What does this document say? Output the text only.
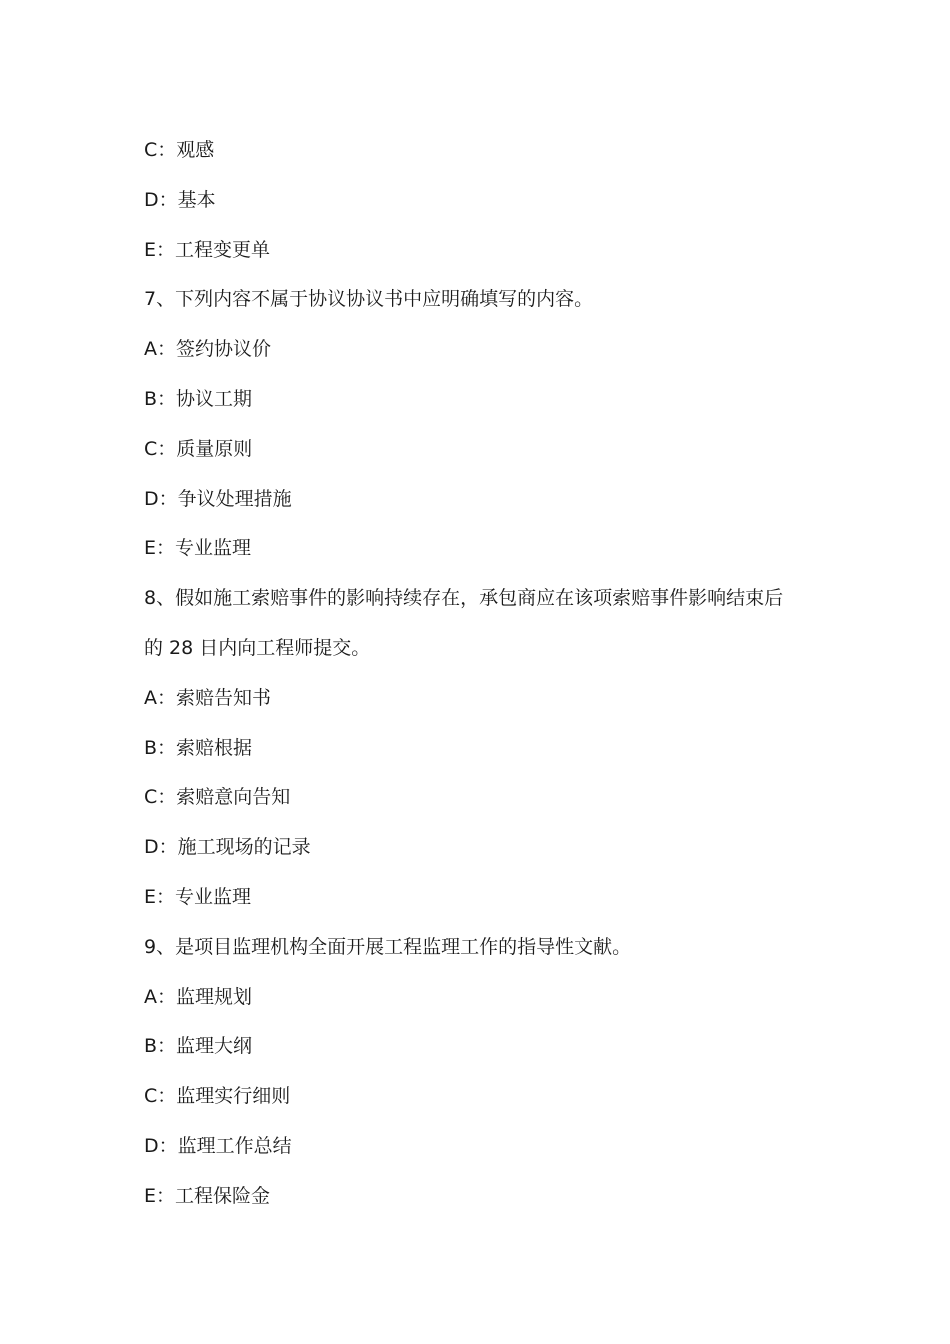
C：观感
D：基本
E：工程变更单
7、下列内容不属于协议协议书中应明确填写的内容。
A：签约协议价
B：协议工期
C：质量原则
D：争议处理措施
E：专业监理
8、假如施工索赔事件的影响持续存在，承包商应在该项索赔事件影响结束后
的 28 日内向工程师提交。
A：索赔告知书
B：索赔根据
C：索赔意向告知
D：施工现场的记录
E：专业监理
9、是项目监理机构全面开展工程监理工作的指导性文献。
A：监理规划
B：监理大纲
C：监理实行细则
D：监理工作总结
E：工程保险金
